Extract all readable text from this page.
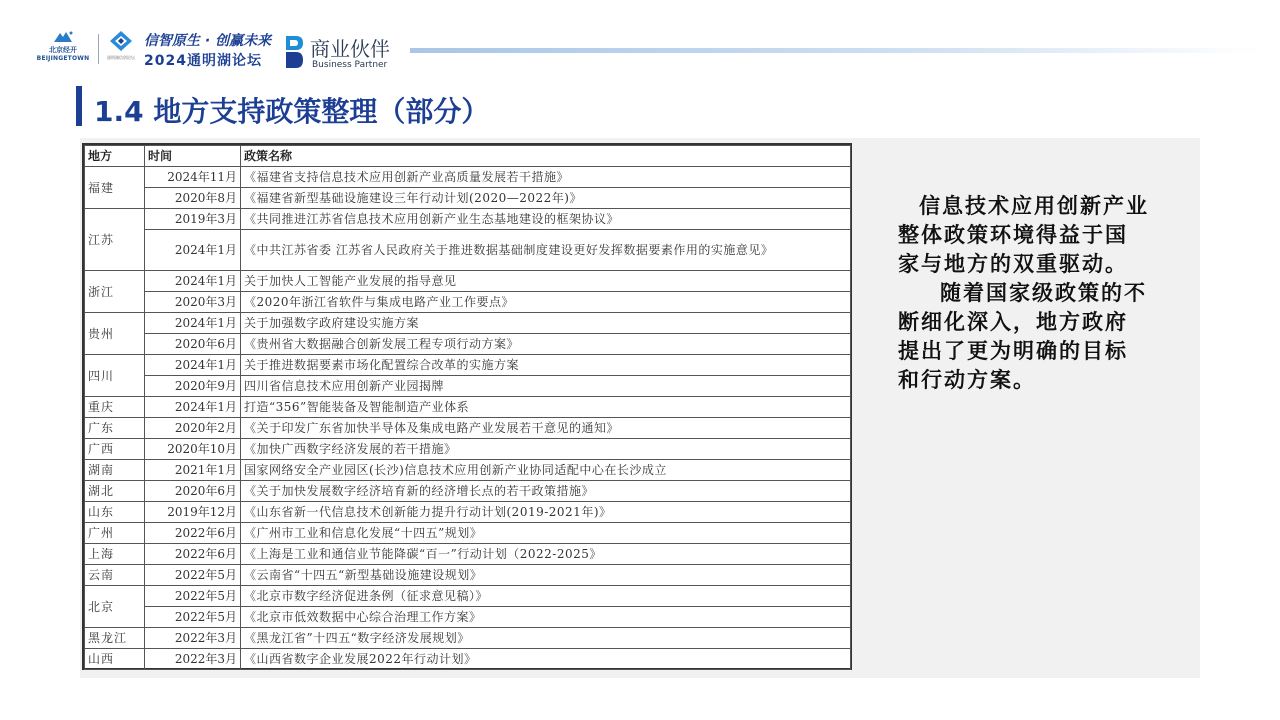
北京经开
BEIJINGETOWN	通明湖信创论坛
信智原生 · 创赢未来
2024通明湖论坛 商业伙伴
Business Partner
1.4 地方支持政策整理（部分）
地方	时间	政策名称
福建	2024年11月	《福建省支持信息技术应用创新产业高质量发展若干措施》
	2020年8月	《福建省新型基础设施建设三年行动计划(2020—2022年)》
江苏	2019年3月	《共同推进江苏省信息技术应用创新产业生态基地建设的框架协议》
	2024年1月	《中共江苏省委 江苏省人民政府关于推进数据基础制度建设更好发挥数据要素作用的实施意见》
浙江	2024年1月	关于加快人工智能产业发展的指导意见
	2020年3月	《2020年浙江省软件与集成电路产业工作要点》
贵州	2024年1月	关于加强数字政府建设实施方案
	2020年6月	《贵州省大数据融合创新发展工程专项行动方案》
四川	2024年1月	关于推进数据要素市场化配置综合改革的实施方案
	2020年9月	四川省信息技术应用创新产业园揭牌
重庆	2024年1月	打造“356”智能装备及智能制造产业体系
广东	2020年2月	《关于印发广东省加快半导体及集成电路产业发展若干意见的通知》
广西	2020年10月	《加快广西数字经济发展的若干措施》
湖南	2021年1月	国家网络安全产业园区(长沙)信息技术应用创新产业协同适配中心在长沙成立
湖北	2020年6月	《关于加快发展数字经济培育新的经济增长点的若干政策措施》
山东	2019年12月	《山东省新一代信息技术创新能力提升行动计划(2019-2021年)》
广州	2022年6月	《广州市工业和信息化发展“十四五”规划》
上海	2022年6月	《上海是工业和通信业节能降碳“百一”行动计划（2022-2025》
云南	2022年5月	《云南省“十四五“新型基础设施建设规划》
北京	2022年5月	《北京市数字经济促进条例（征求意见稿）》
	2022年5月	《北京市低效数据中心综合治理工作方案》
黑龙江	2022年3月	《黑龙江省”十四五“数字经济发展规划》
山西	2022年3月	《山西省数字企业发展2022年行动计划》

信息技术应用创新产业整体政策环境得益于国家与地方的双重驱动。

随着国家级政策的不断细化深入，地方政府提出了更为明确的目标和行动方案。
